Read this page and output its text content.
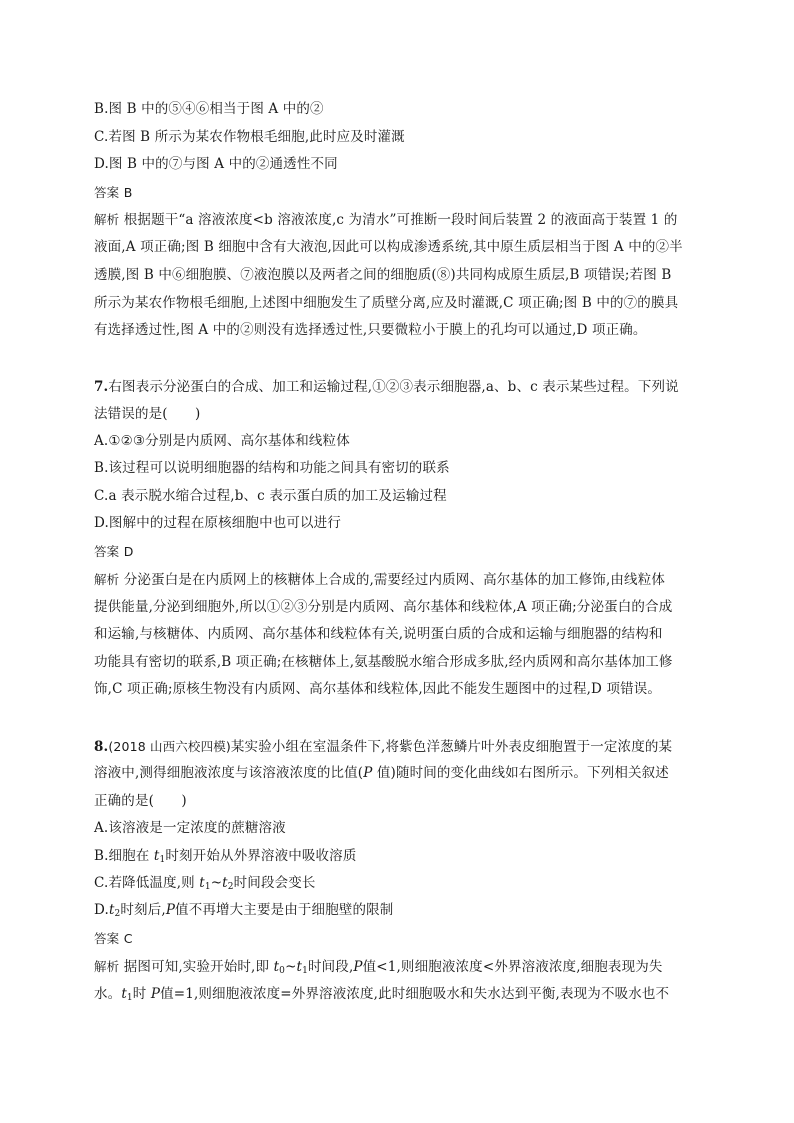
B.图 B 中的⑤④⑥相当于图 A 中的②
C.若图 B 所示为某农作物根毛细胞,此时应及时灌溉
D.图 B 中的⑦与图 A 中的②通透性不同
答案 B
解析 根据题干“a 溶液浓度<b 溶液浓度,c 为清水”可推断一段时间后装置 2 的液面高于装置 1 的
液面,A 项正确;图 B 细胞中含有大液泡,因此可以构成渗透系统,其中原生质层相当于图 A 中的②半
透膜,图 B 中⑥细胞膜、⑦液泡膜以及两者之间的细胞质(⑧)共同构成原生质层,B 项错误;若图 B
所示为某农作物根毛细胞,上述图中细胞发生了质壁分离,应及时灌溉,C 项正确;图 B 中的⑦的膜具
有选择透过性,图 A 中的②则没有选择透过性,只要微粒小于膜上的孔均可以通过,D 项正确。
7.右图表示分泌蛋白的合成、加工和运输过程,①②③表示细胞器,a、b、c 表示某些过程。下列说
法错误的是(　　)
A.①②③分别是内质网、高尔基体和线粒体
B.该过程可以说明细胞器的结构和功能之间具有密切的联系
C.a 表示脱水缩合过程,b、c 表示蛋白质的加工及运输过程
D.图解中的过程在原核细胞中也可以进行
答案 D
解析 分泌蛋白是在内质网上的核糖体上合成的,需要经过内质网、高尔基体的加工修饰,由线粒体
提供能量,分泌到细胞外,所以①②③分别是内质网、高尔基体和线粒体,A 项正确;分泌蛋白的合成
和运输,与核糖体、内质网、高尔基体和线粒体有关,说明蛋白质的合成和运输与细胞器的结构和
功能具有密切的联系,B 项正确;在核糖体上,氨基酸脱水缩合形成多肽,经内质网和高尔基体加工修
饰,C 项正确;原核生物没有内质网、高尔基体和线粒体,因此不能发生题图中的过程,D 项错误。
8.(2018 山西六校四模)某实验小组在室温条件下,将紫色洋葱鳞片叶外表皮细胞置于一定浓度的某
溶液中,测得细胞液浓度与该溶液浓度的比值(P 值)随时间的变化曲线如右图所示。下列相关叙述
正确的是(　　)
A.该溶液是一定浓度的蔗糖溶液
B.细胞在 $t_1$时刻开始从外界溶液中吸收溶质
C.若降低温度,则 $t_1\sim t_2$时间段会变长
$D.t_2$时刻后,P值不再增大主要是由于细胞壁的限制
答案 C
解析 据图可知,实验开始时,即 $t_0\sim t_1$时间段,P值<1,则细胞液浓度<外界溶液浓度,细胞表现为失
水。$t_1$时 P值=1,则细胞液浓度=外界溶液浓度,此时细胞吸水和失水达到平衡,表现为不吸水也不
